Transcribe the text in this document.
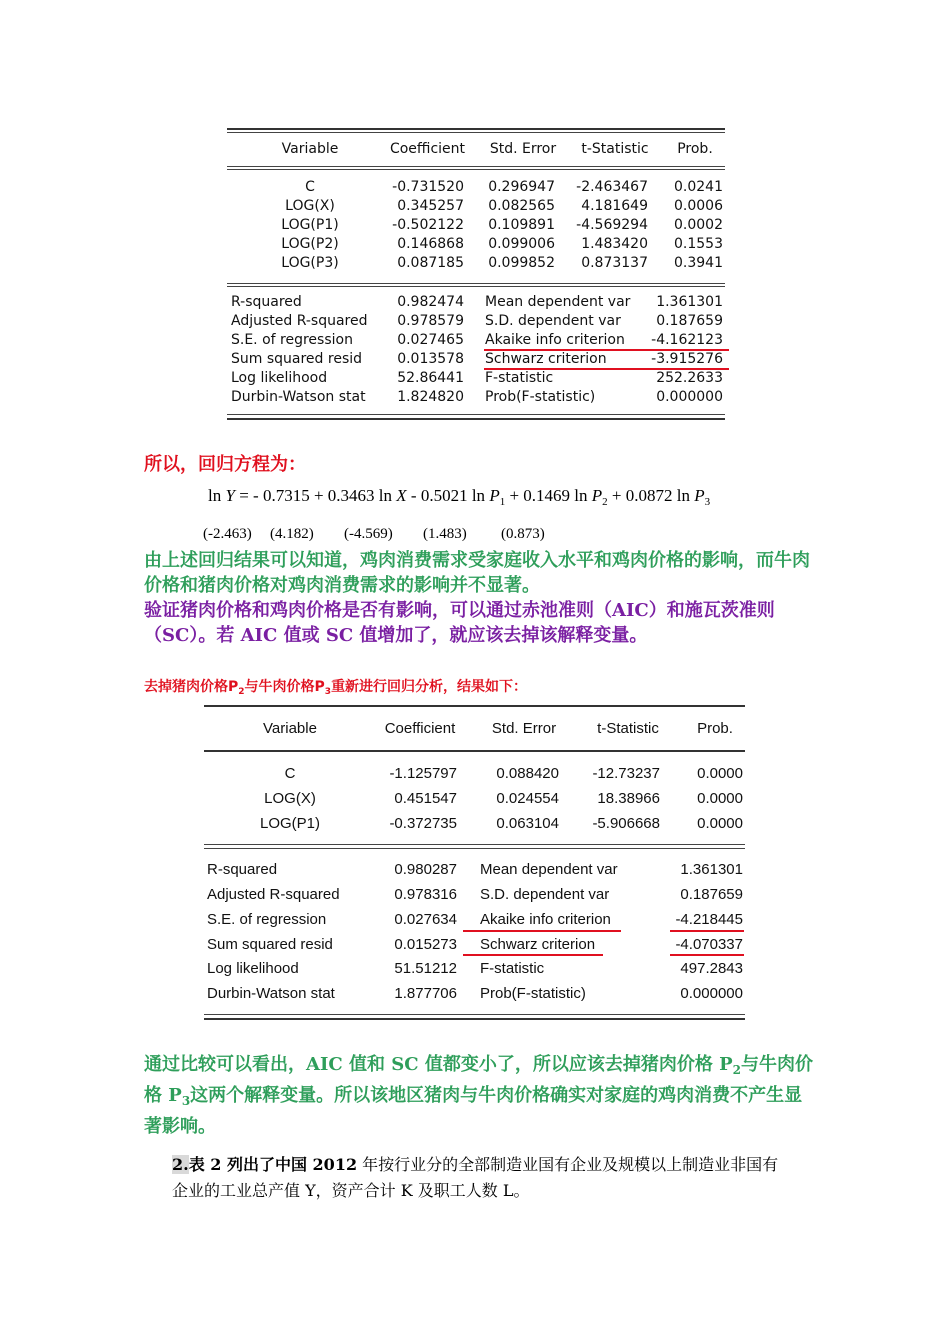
Variable	Coefficient	Std. Error	t-Statistic	Prob.
C	-0.731520	0.296947	-2.463467	0.0241
LOG(X)	0.345257	0.082565	4.181649	0.0006
LOG(P1)	-0.502122	0.109891	-4.569294	0.0002
LOG(P2)	0.146868	0.099006	1.483420	0.1553
LOG(P3)	0.087185	0.099852	0.873137	0.3941
R-squared	0.982474 Mean dependent var	1.361301
Adjusted R-squared	0.978579 S.D. dependent var	0.187659
S.E. of regression	0.027465 Akaike info criterion	-4.162123
Sum squared resid	0.013578 Schwarz criterion	-3.915276
Log likelihood	52.86441 F-statistic	252.2633
Durbin-Watson stat	1.824820 Prob(F-statistic)	0.000000
所以，回归方程为：
ln Y = - 0.7315 + 0.3463 ln X - 0.5021 $\ln P_1 + 0.1469$ $\ln P_2 + 0.0872$ $\ln P_3$
(-2.463) (4.182) (-4.569) (1.483) (0.873)
由上述回归结果可以知道，鸡肉消费需求受家庭收入水平和鸡肉价格的影响，而牛肉价格和猪肉价格对鸡肉消费需求的影响并不显著。
验证猪肉价格和鸡肉价格是否有影响，可以通过赤池准则（AIC）和施瓦茨准则（SC）。若 AIC 值或 SC 值增加了，就应该去掉该解释变量。
去掉猪肉价格$P_2$与牛肉价格$P_3$重新进行回归分析，结果如下：
Variable	Coefficient	Std. Error	t-Statistic	Prob.
C	-1.125797	0.088420	-12.73237	0.0000
LOG(X)	0.451547	0.024554	18.38966	0.0000
LOG(P1)	-0.372735	0.063104	-5.906668	0.0000
R-squared	0.980287 Mean dependent var	1.361301
Adjusted R-squared	0.978316 S.D. dependent var	0.187659
S.E. of regression	0.027634 Akaike info criterion	-4.218445
Sum squared resid	0.015273 Schwarz criterion	-4.070337
Log likelihood	51.51212 F-statistic	497.2843
Durbin-Watson stat	1.877706 Prob(F-statistic)	0.000000
通过比较可以看出，AIC 值和 SC 值都变小了，所以应该去掉猪肉价格 $P_2$与牛肉价格 $P_3$这两个解释变量。所以该地区猪肉与牛肉价格确实对家庭的鸡肉消费不产生显著影响。
2.表 2 列出了中国 2012 年按行业分的全部制造业国有企业及规模以上制造业非国有
企业的工业总产值 Y，资产合计 K 及职工人数 L。
